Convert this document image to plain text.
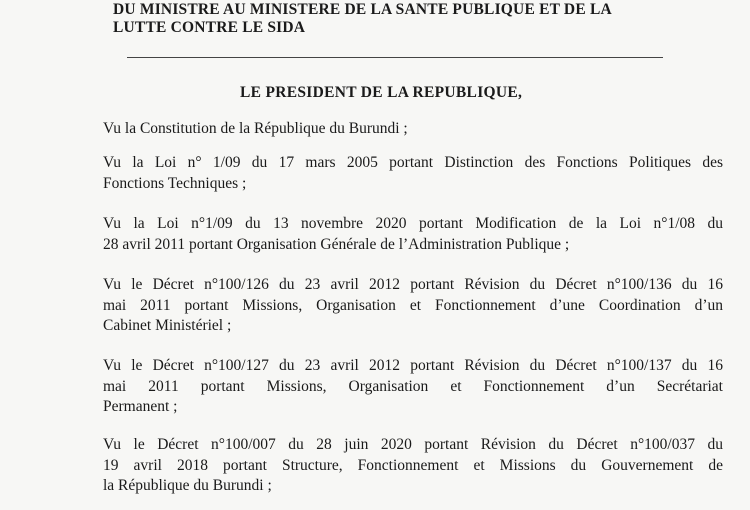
DU MINISTRE AU MINISTERE DE LA SANTE PUBLIQUE ET DE LA
LUTTE CONTRE LE SIDA
LE PRESIDENT DE LA REPUBLIQUE,
Vu la Constitution de la République du Burundi ;
Vu la Loi n° 1/09 du 17 mars 2005 portant Distinction des Fonctions Politiques des
Fonctions Techniques ;
Vu la Loi n°1/09 du 13 novembre 2020 portant Modification de la Loi n°1/08 du
28 avril 2011 portant Organisation Générale de l’Administration Publique ;
Vu le Décret n°100/126 du 23 avril 2012 portant Révision du Décret n°100/136 du 16
mai 2011 portant Missions, Organisation et Fonctionnement d’une Coordination d’un
Cabinet Ministériel ;
Vu le Décret n°100/127 du 23 avril 2012 portant Révision du Décret n°100/137 du 16
mai 2011 portant Missions, Organisation et Fonctionnement d’un Secrétariat
Permanent ;
Vu le Décret n°100/007 du 28 juin 2020 portant Révision du Décret n°100/037 du
19 avril 2018 portant Structure, Fonctionnement et Missions du Gouvernement de
la République du Burundi ;
